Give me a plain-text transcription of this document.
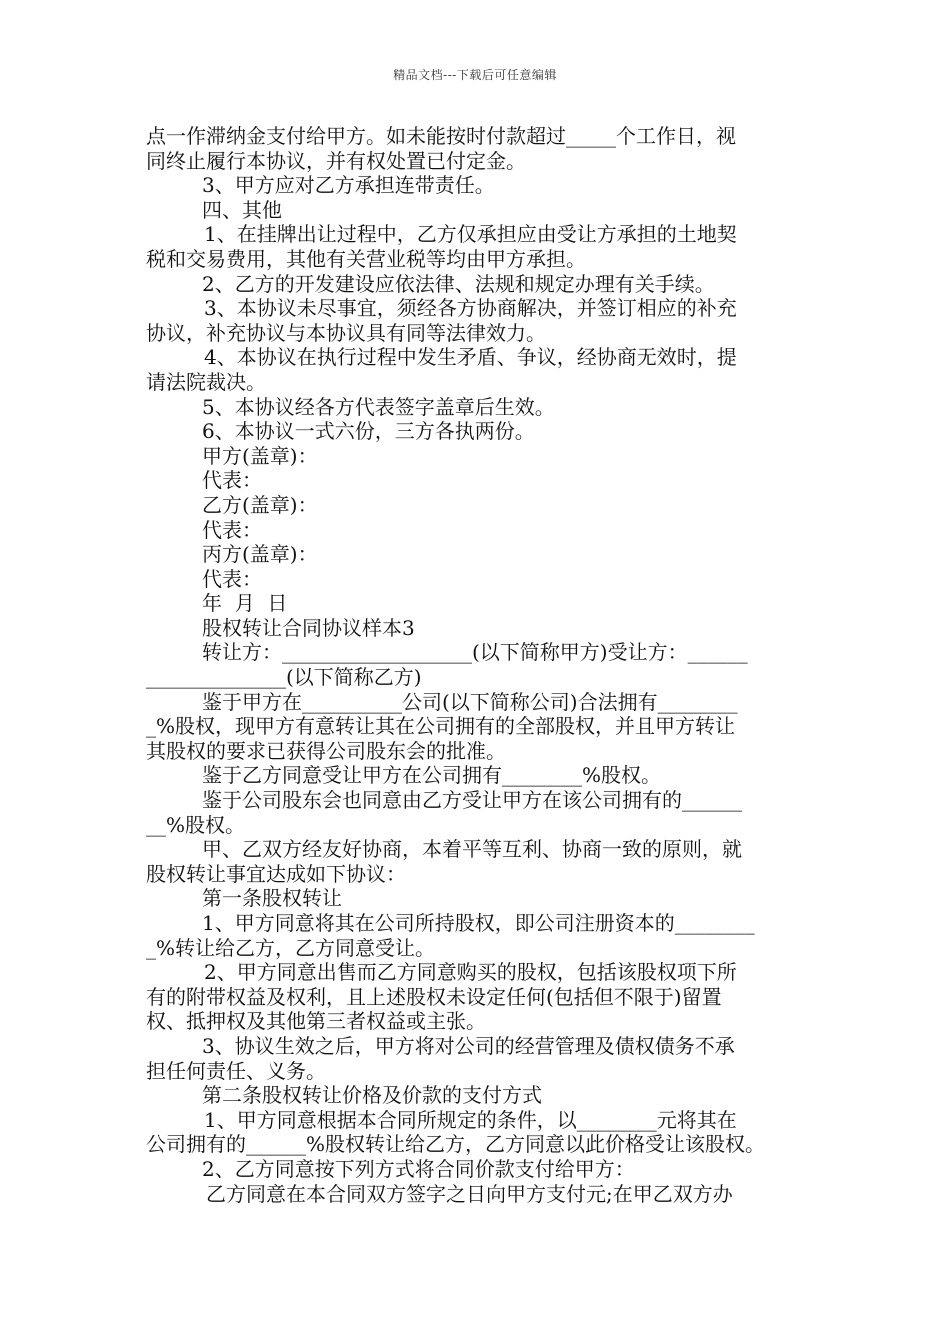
精品文档---下载后可任意编辑
点一作滞纳金支付给甲方。如未能按时付款超过_____个工作日，视
同终止履行本协议，并有权处置已付定金。
3、甲方应对乙方承担连带责任。
四、其他
1、在挂牌出让过程中，乙方仅承担应由受让方承担的土地契
税和交易费用，其他有关营业税等均由甲方承担。
2、乙方的开发建设应依法律、法规和规定办理有关手续。
3、本协议未尽事宜，须经各方协商解决，并签订相应的补充
协议，补充协议与本协议具有同等法律效力。
4、本协议在执行过程中发生矛盾、争议，经协商无效时，提
请法院裁决。
5、本协议经各方代表签字盖章后生效。
6、本协议一式六份，三方各执两份。
甲方(盖章)：
代表：
乙方(盖章)：
代表：
丙方(盖章)：
代表：
年  月  日
股权转让合同协议样本3
转让方：___________________(以下简称甲方)受让方：______
______________(以下简称乙方)
鉴于甲方在__________公司(以下简称公司)合法拥有________
_%股权，现甲方有意转让其在公司拥有的全部股权，并且甲方转让
其股权的要求已获得公司股东会的批准。
鉴于乙方同意受让甲方在公司拥有________%股权。
鉴于公司股东会也同意由乙方受让甲方在该公司拥有的______
__%股权。
甲、乙双方经友好协商，本着平等互利、协商一致的原则，就
股权转让事宜达成如下协议：
第一条股权转让
1、甲方同意将其在公司所持股权，即公司注册资本的________
_%转让给乙方，乙方同意受让。
2、甲方同意出售而乙方同意购买的股权，包括该股权项下所
有的附带权益及权利，且上述股权未设定任何(包括但不限于)留置
权、抵押权及其他第三者权益或主张。
3、协议生效之后，甲方将对公司的经营管理及债权债务不承
担任何责任、义务。
第二条股权转让价格及价款的支付方式
1、甲方同意根据本合同所规定的条件，以________元将其在
公司拥有的______%股权转让给乙方，乙方同意以此价格受让该股权。
2、乙方同意按下列方式将合同价款支付给甲方：
乙方同意在本合同双方签字之日向甲方支付元;在甲乙双方办
